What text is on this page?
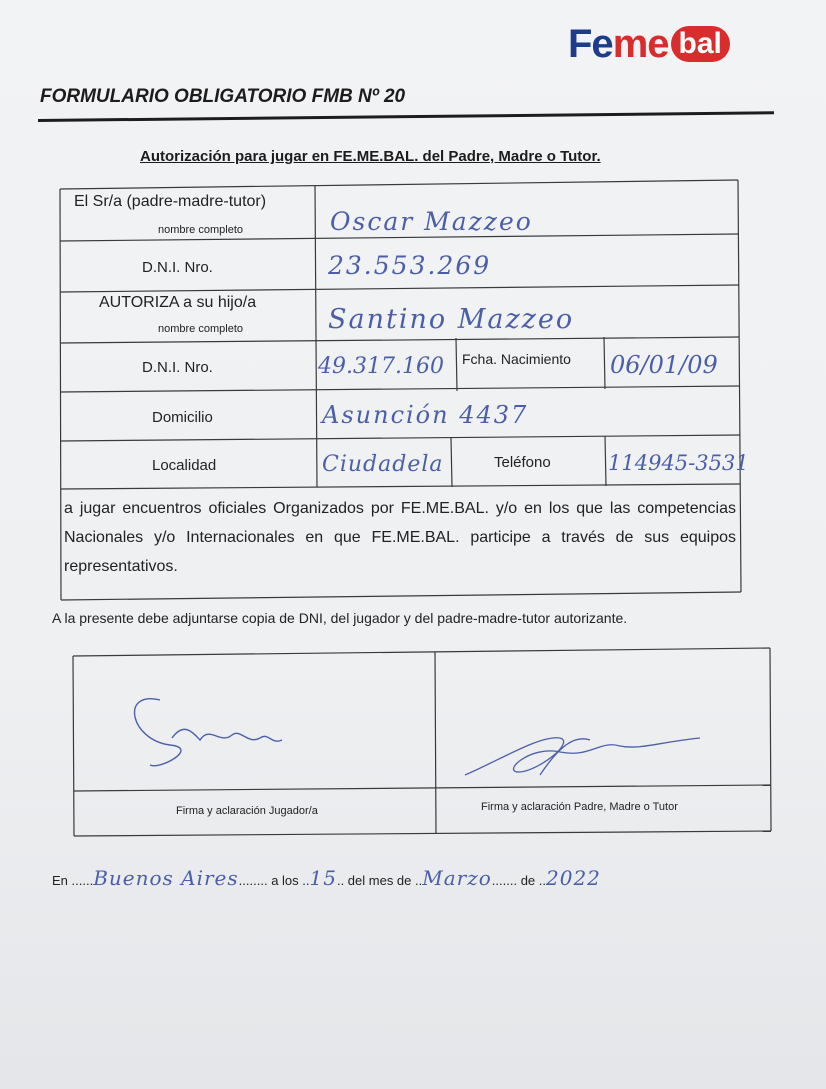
Fe me bal
FORMULARIO OBLIGATORIO FMB Nº 20
Autorización para jugar en FE.ME.BAL. del Padre, Madre o Tutor.
El Sr/a (padre-madre-tutor)
nombre completo	Oscar Mazzeo
D.N.I. Nro.	23.553.269
AUTORIZA a su hijo/a
nombre completo	Santino Mazzeo
D.N.I. Nro.	49.317.160 Fcha. Nacimiento 06/01/09
Domicilio	Asunción 4437
Localidad	Ciudadela	Teléfono	114945-3531
a jugar encuentros oficiales Organizados por FE.ME.BAL. y/o en los que las competencias Nacionales y/o Internacionales en que FE.ME.BAL. participe a través de sus equipos representativos.
A la presente debe adjuntarse copia de DNI, del jugador y del padre-madre-tutor autorizante.
Firma y aclaración Jugador/a	Firma y aclaración Padre, Madre o Tutor
En ......Buenos Aires........ a los ..15.. del mes de ..Marzo....... de ..2022
